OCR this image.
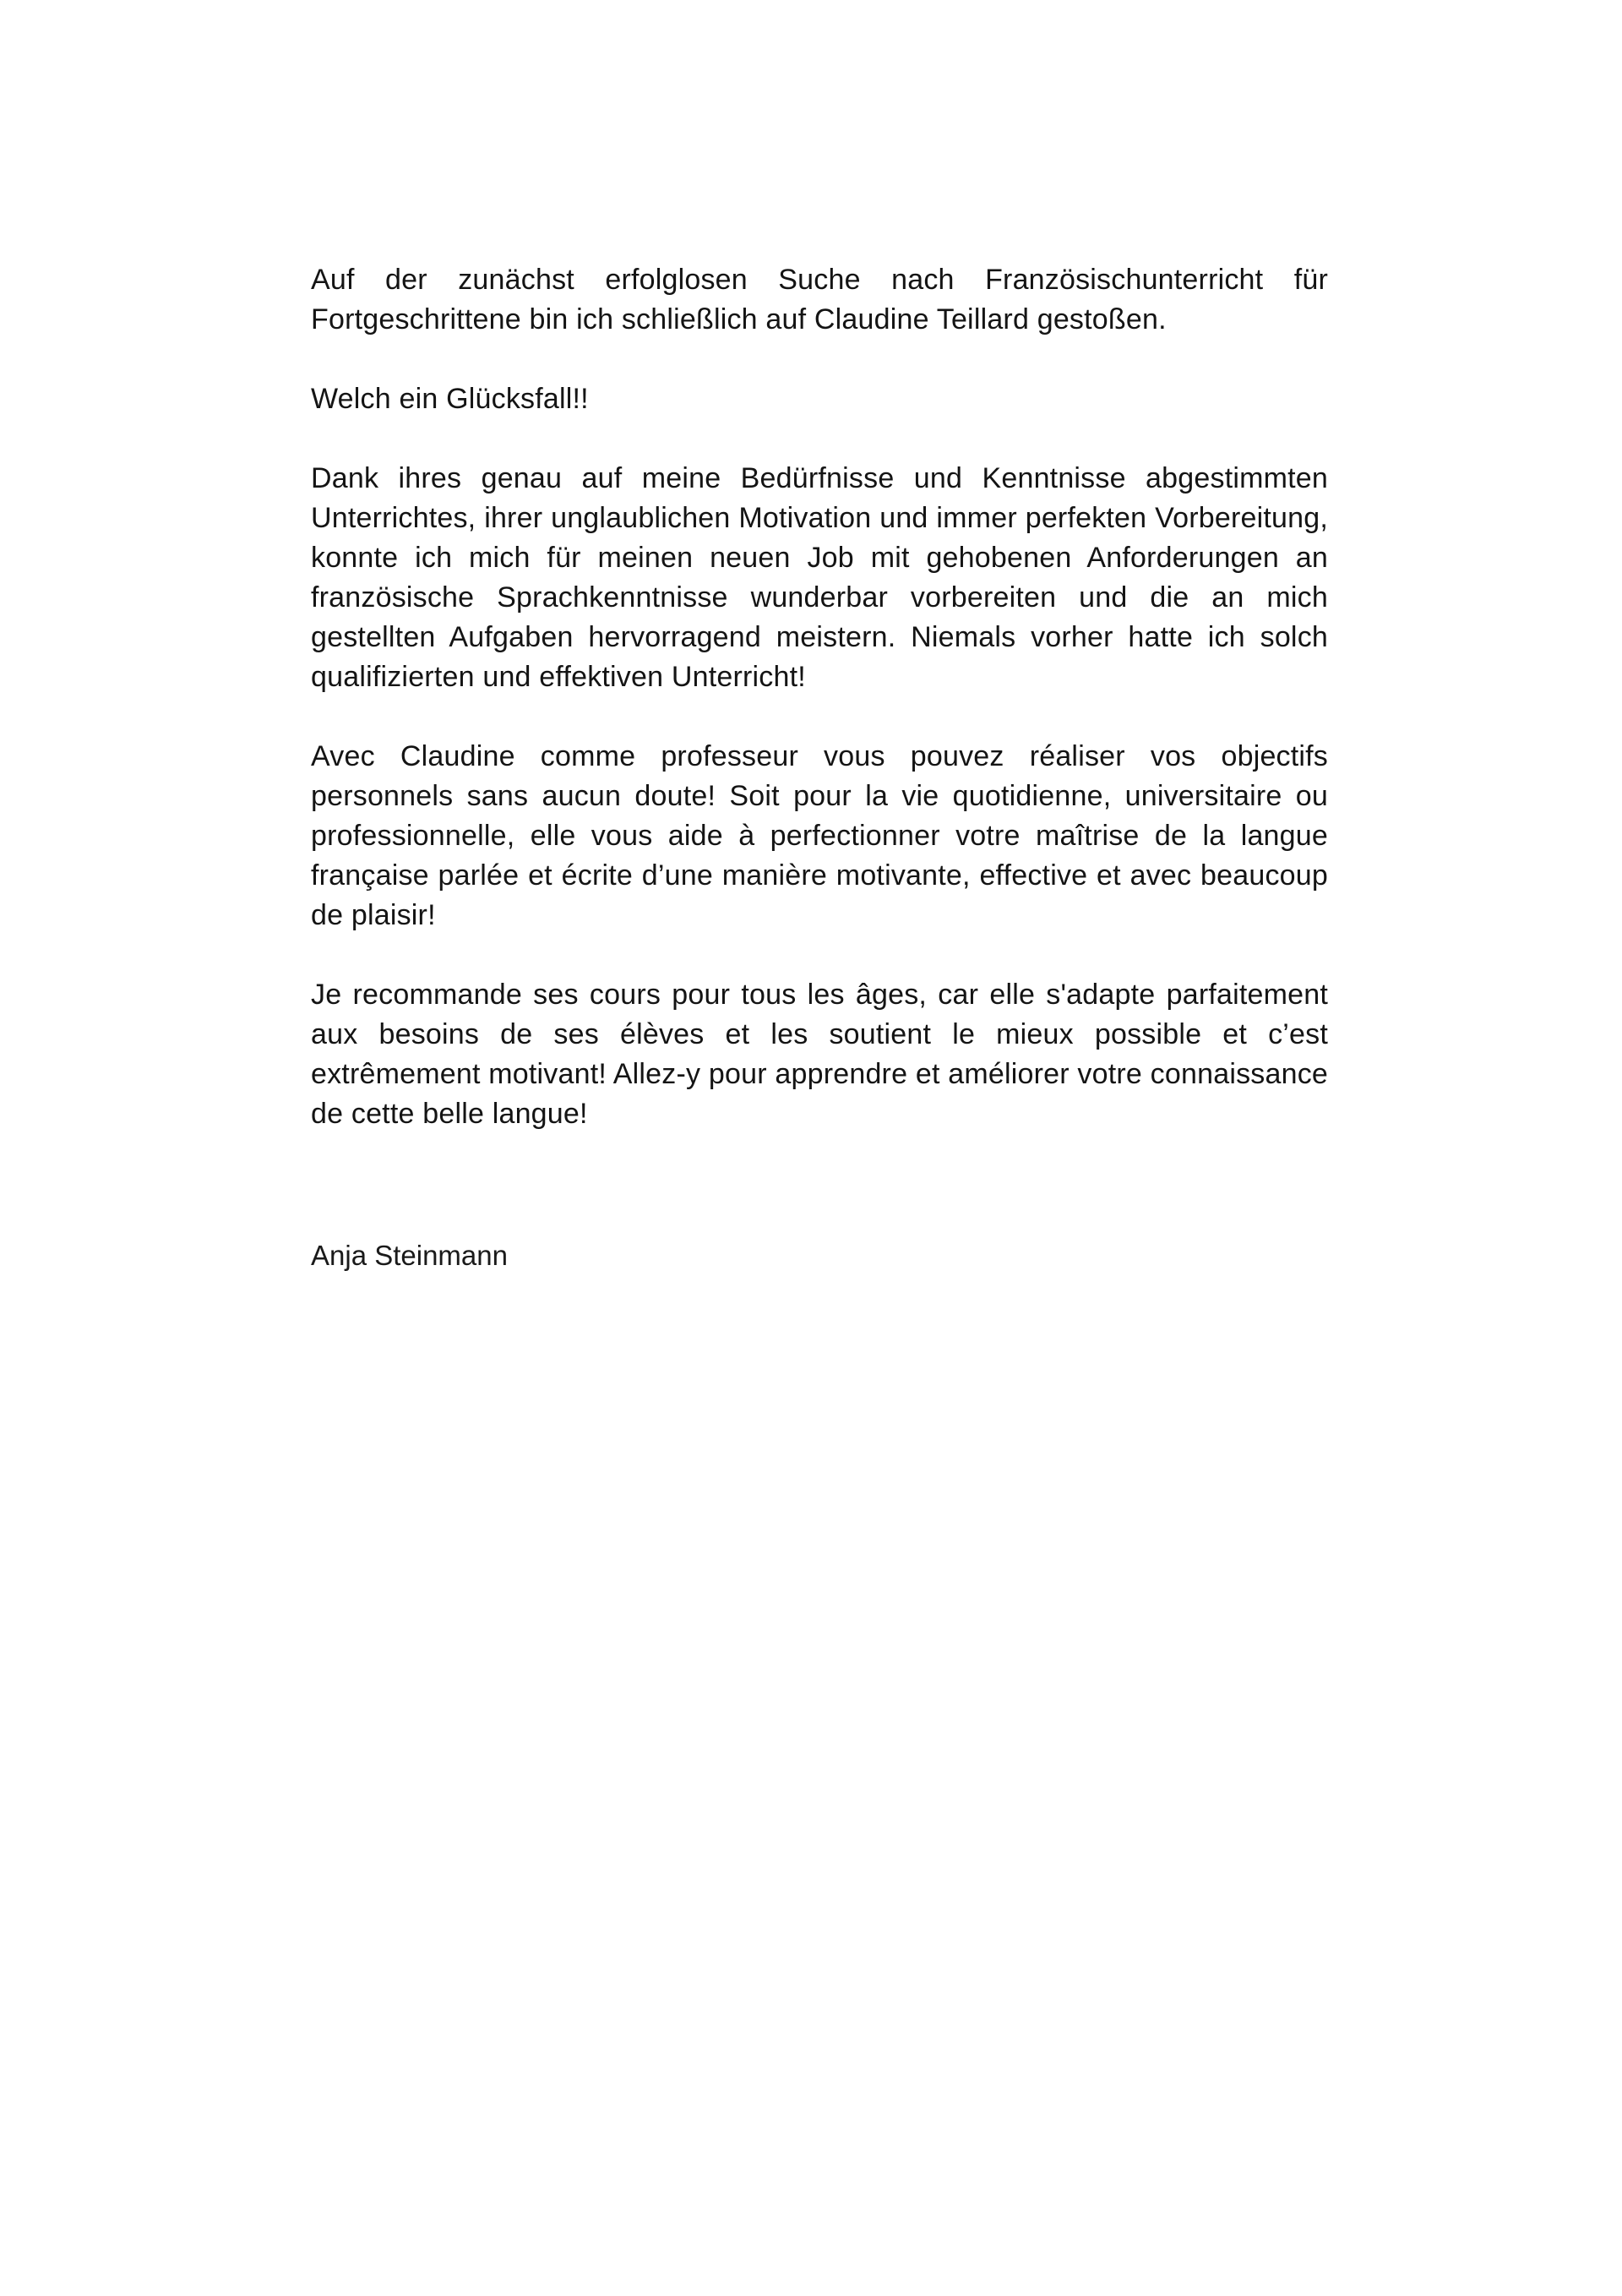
Auf der zunächst erfolglosen Suche nach Französischunterricht für Fortgeschrittene bin ich schließlich auf Claudine Teillard gestoßen.

Welch ein Glücksfall!!

Dank ihres genau auf meine Bedürfnisse und Kenntnisse abgestimmten Unterrichtes, ihrer unglaublichen Motivation und immer perfekten Vorbereitung, konnte ich mich für meinen neuen Job mit gehobenen Anforderungen an französische Sprachkenntnisse wunderbar vorbereiten und die an mich gestellten Aufgaben hervorragend meistern. Niemals vorher hatte ich solch qualifizierten und effektiven Unterricht!

Avec Claudine comme professeur vous pouvez réaliser vos objectifs personnels sans aucun doute! Soit pour la vie quotidienne, universitaire ou professionnelle, elle vous aide à perfectionner votre maîtrise de la langue française parlée et écrite d’une manière motivante, effective et avec beaucoup de plaisir!

Je recommande ses cours pour tous les âges, car elle s'adapte parfaitement aux besoins de ses élèves et les soutient le mieux possible et c’est extrêmement motivant! Allez-y pour apprendre et améliorer votre connaissance de cette belle langue!

Anja Steinmann
